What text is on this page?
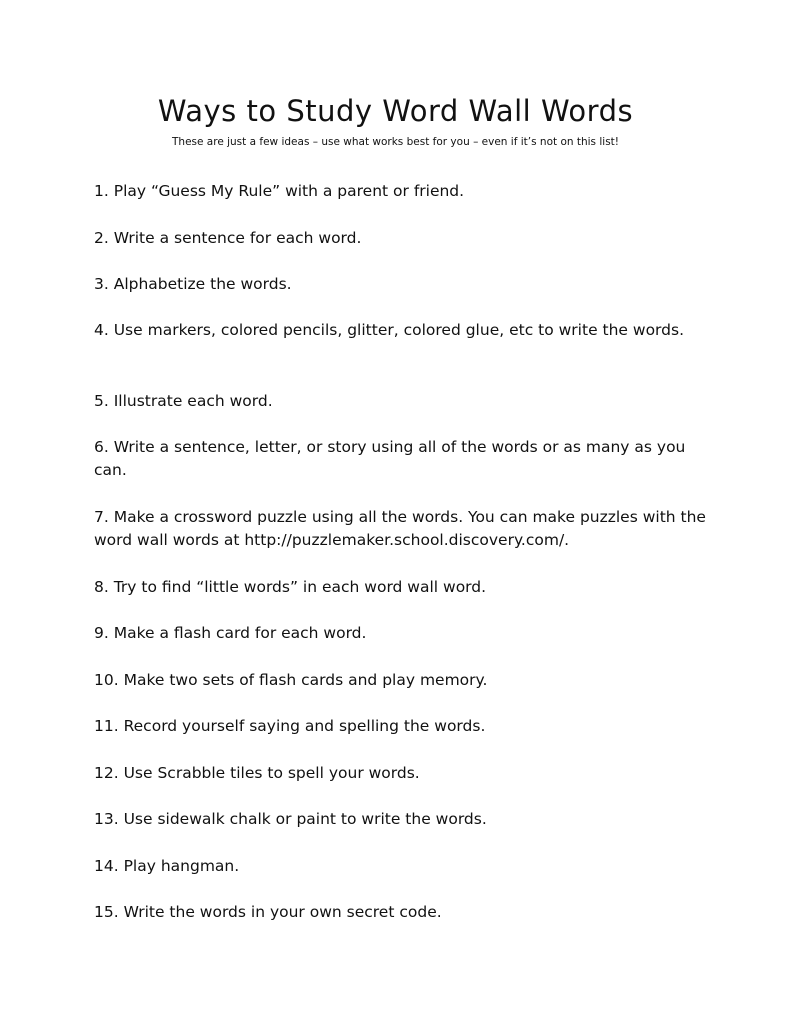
Ways to Study Word Wall Words

These are just a few ideas – use what works best for you – even if it’s not on this list!

1. Play “Guess My Rule” with a parent or friend.
2. Write a sentence for each word.
3. Alphabetize the words.
4. Use markers, colored pencils, glitter, colored glue, etc to write the words.
5. Illustrate each word.
6. Write a sentence, letter, or story using all of the words or as many as you can.
7. Make a crossword puzzle using all the words. You can make puzzles with the word wall words at http://puzzlemaker.school.discovery.com/.
8. Try to find “little words” in each word wall word.
9. Make a flash card for each word.
10. Make two sets of flash cards and play memory.
11. Record yourself saying and spelling the words.
12. Use Scrabble tiles to spell your words.
13. Use sidewalk chalk or paint to write the words.
14. Play hangman.
15. Write the words in your own secret code.
